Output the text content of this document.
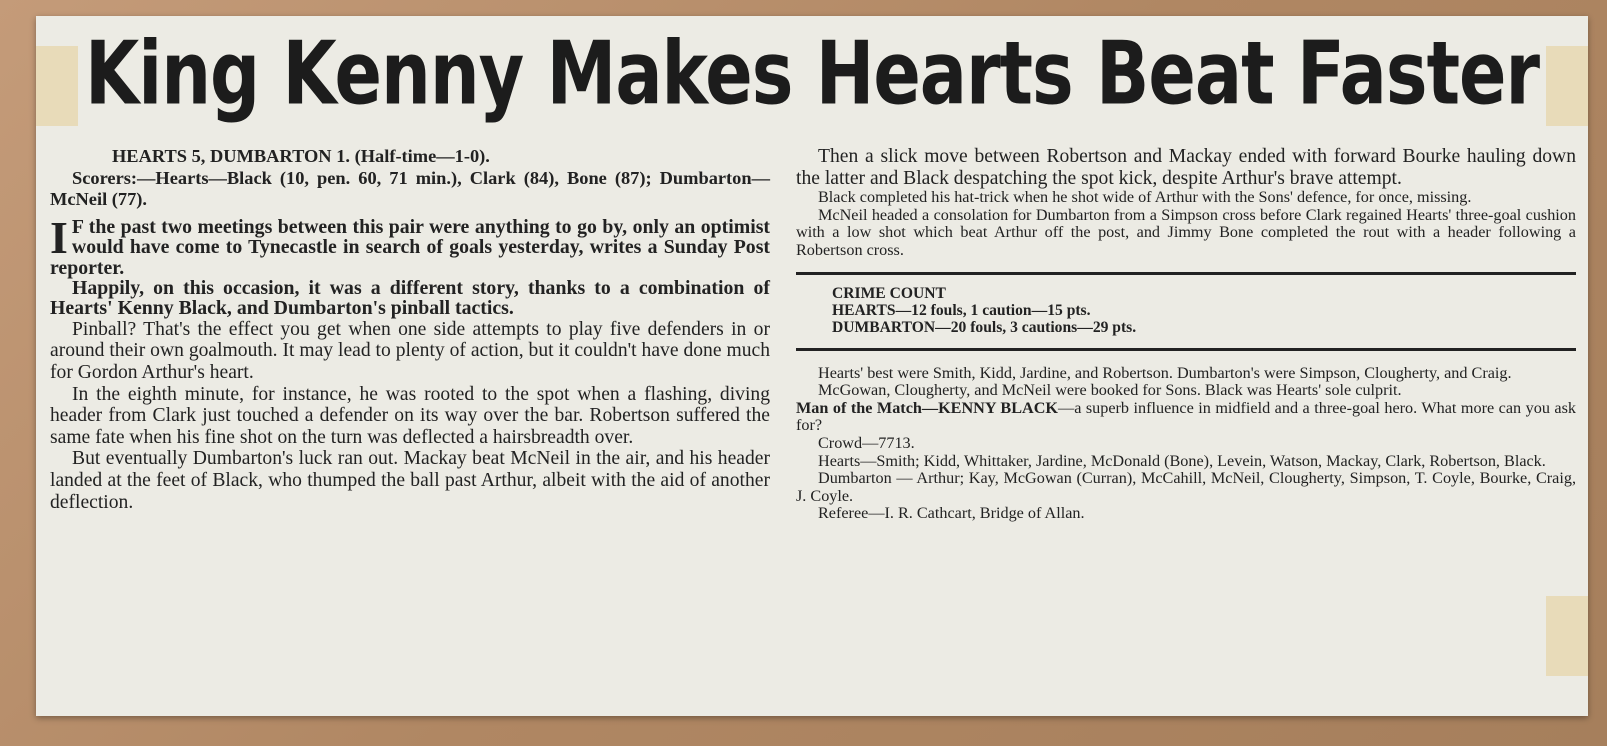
King Kenny Makes Hearts Beat Faster

HEARTS 5, DUMBARTON 1. (Half-time—1-0).

Scorers:—Hearts—Black (10, pen. 60, 71 min.), Clark (84), Bone (87); Dumbarton—McNeil (77).

I F the past two meetings between this pair were anything to go by, only an optimist would have come to Tynecastle in search of goals yesterday, writes a Sunday Post reporter.

Happily, on this occasion, it was a different story, thanks to a combination of Hearts' Kenny Black, and Dumbarton's pinball tactics.

Pinball? That's the effect you get when one side attempts to play five defenders in or around their own goalmouth. It may lead to plenty of action, but it couldn't have done much for Gordon Arthur's heart.

In the eighth minute, for instance, he was rooted to the spot when a flashing, diving header from Clark just touched a defender on its way over the bar. Robertson suffered the same fate when his fine shot on the turn was deflected a hairsbreadth over.

But eventually Dumbarton's luck ran out. Mackay beat McNeil in the air, and his header landed at the feet of Black, who thumped the ball past Arthur, albeit with the aid of another deflection.

Then a slick move between Robertson and Mackay ended with forward Bourke hauling down the latter and Black despatching the spot kick, despite Arthur's brave attempt.

Black completed his hat-trick when he shot wide of Arthur with the Sons' defence, for once, missing.

McNeil headed a consolation for Dumbarton from a Simpson cross before Clark regained Hearts' three-goal cushion with a low shot which beat Arthur off the post, and Jimmy Bone completed the rout with a header following a Robertson cross.

CRIME COUNT

HEARTS—12 fouls, 1 caution—15 pts.

DUMBARTON—20 fouls, 3 cautions—29 pts.

Hearts' best were Smith, Kidd, Jardine, and Robertson. Dumbarton's were Simpson, Clougherty, and Craig.

McGowan, Clougherty, and McNeil were booked for Sons. Black was Hearts' sole culprit.

Man of the Match—KENNY BLACK—a superb influence in midfield and a three-goal hero. What more can you ask for?

Crowd—7713.

Hearts—Smith; Kidd, Whittaker, Jardine, McDonald (Bone), Levein, Watson, Mackay, Clark, Robertson, Black.

Dumbarton — Arthur; Kay, McGowan (Curran), McCahill, McNeil, Clougherty, Simpson, T. Coyle, Bourke, Craig, J. Coyle.

Referee—I. R. Cathcart, Bridge of Allan.
